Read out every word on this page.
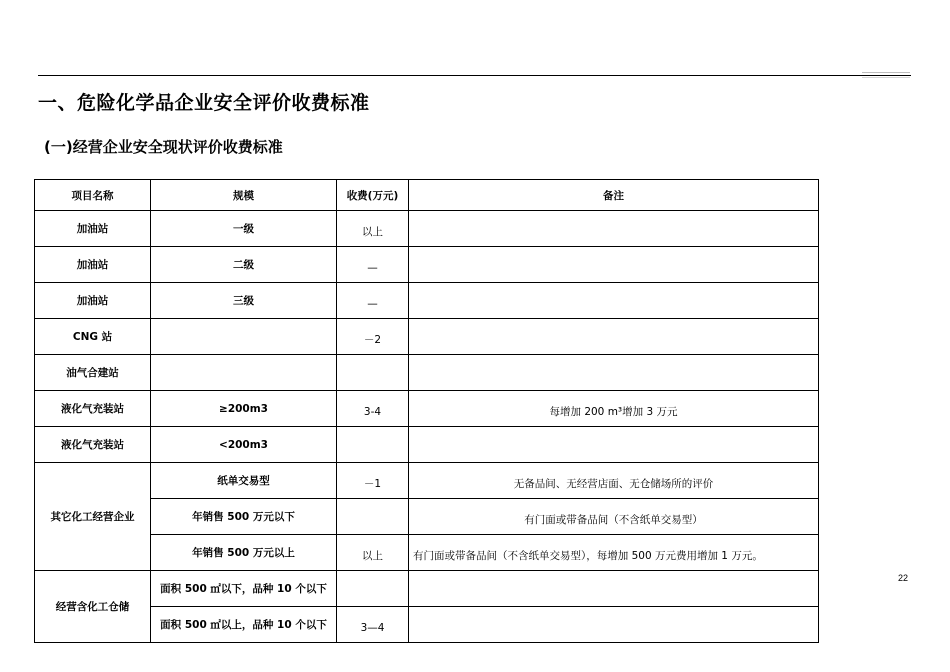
一、危险化学品企业安全评价收费标准
(一)经营企业安全现状评价收费标准
项目名称	规模	收费(万元)	备注
加油站	一级	以上	
加油站	二级	—	
加油站	三级	—	
CNG 站		－2	
油气合建站			
液化气充装站	≥200m3	3-4	每增加 200 m³增加 3 万元
液化气充装站	<200m3		
其它化工经营企业	纸单交易型	－1	无备品间、无经营店面、无仓储场所的评价
	年销售 500 万元以下		有门面或带备品间（不含纸单交易型）
	年销售 500 万元以上	以上	有门面或带备品间（不含纸单交易型），每增加 500 万元费用增加 1 万元。
经营含化工仓储	面积 500 ㎡以下，品种 10 个以下		
	面积 500 ㎡以上，品种 10 个以下	3—4	
22
